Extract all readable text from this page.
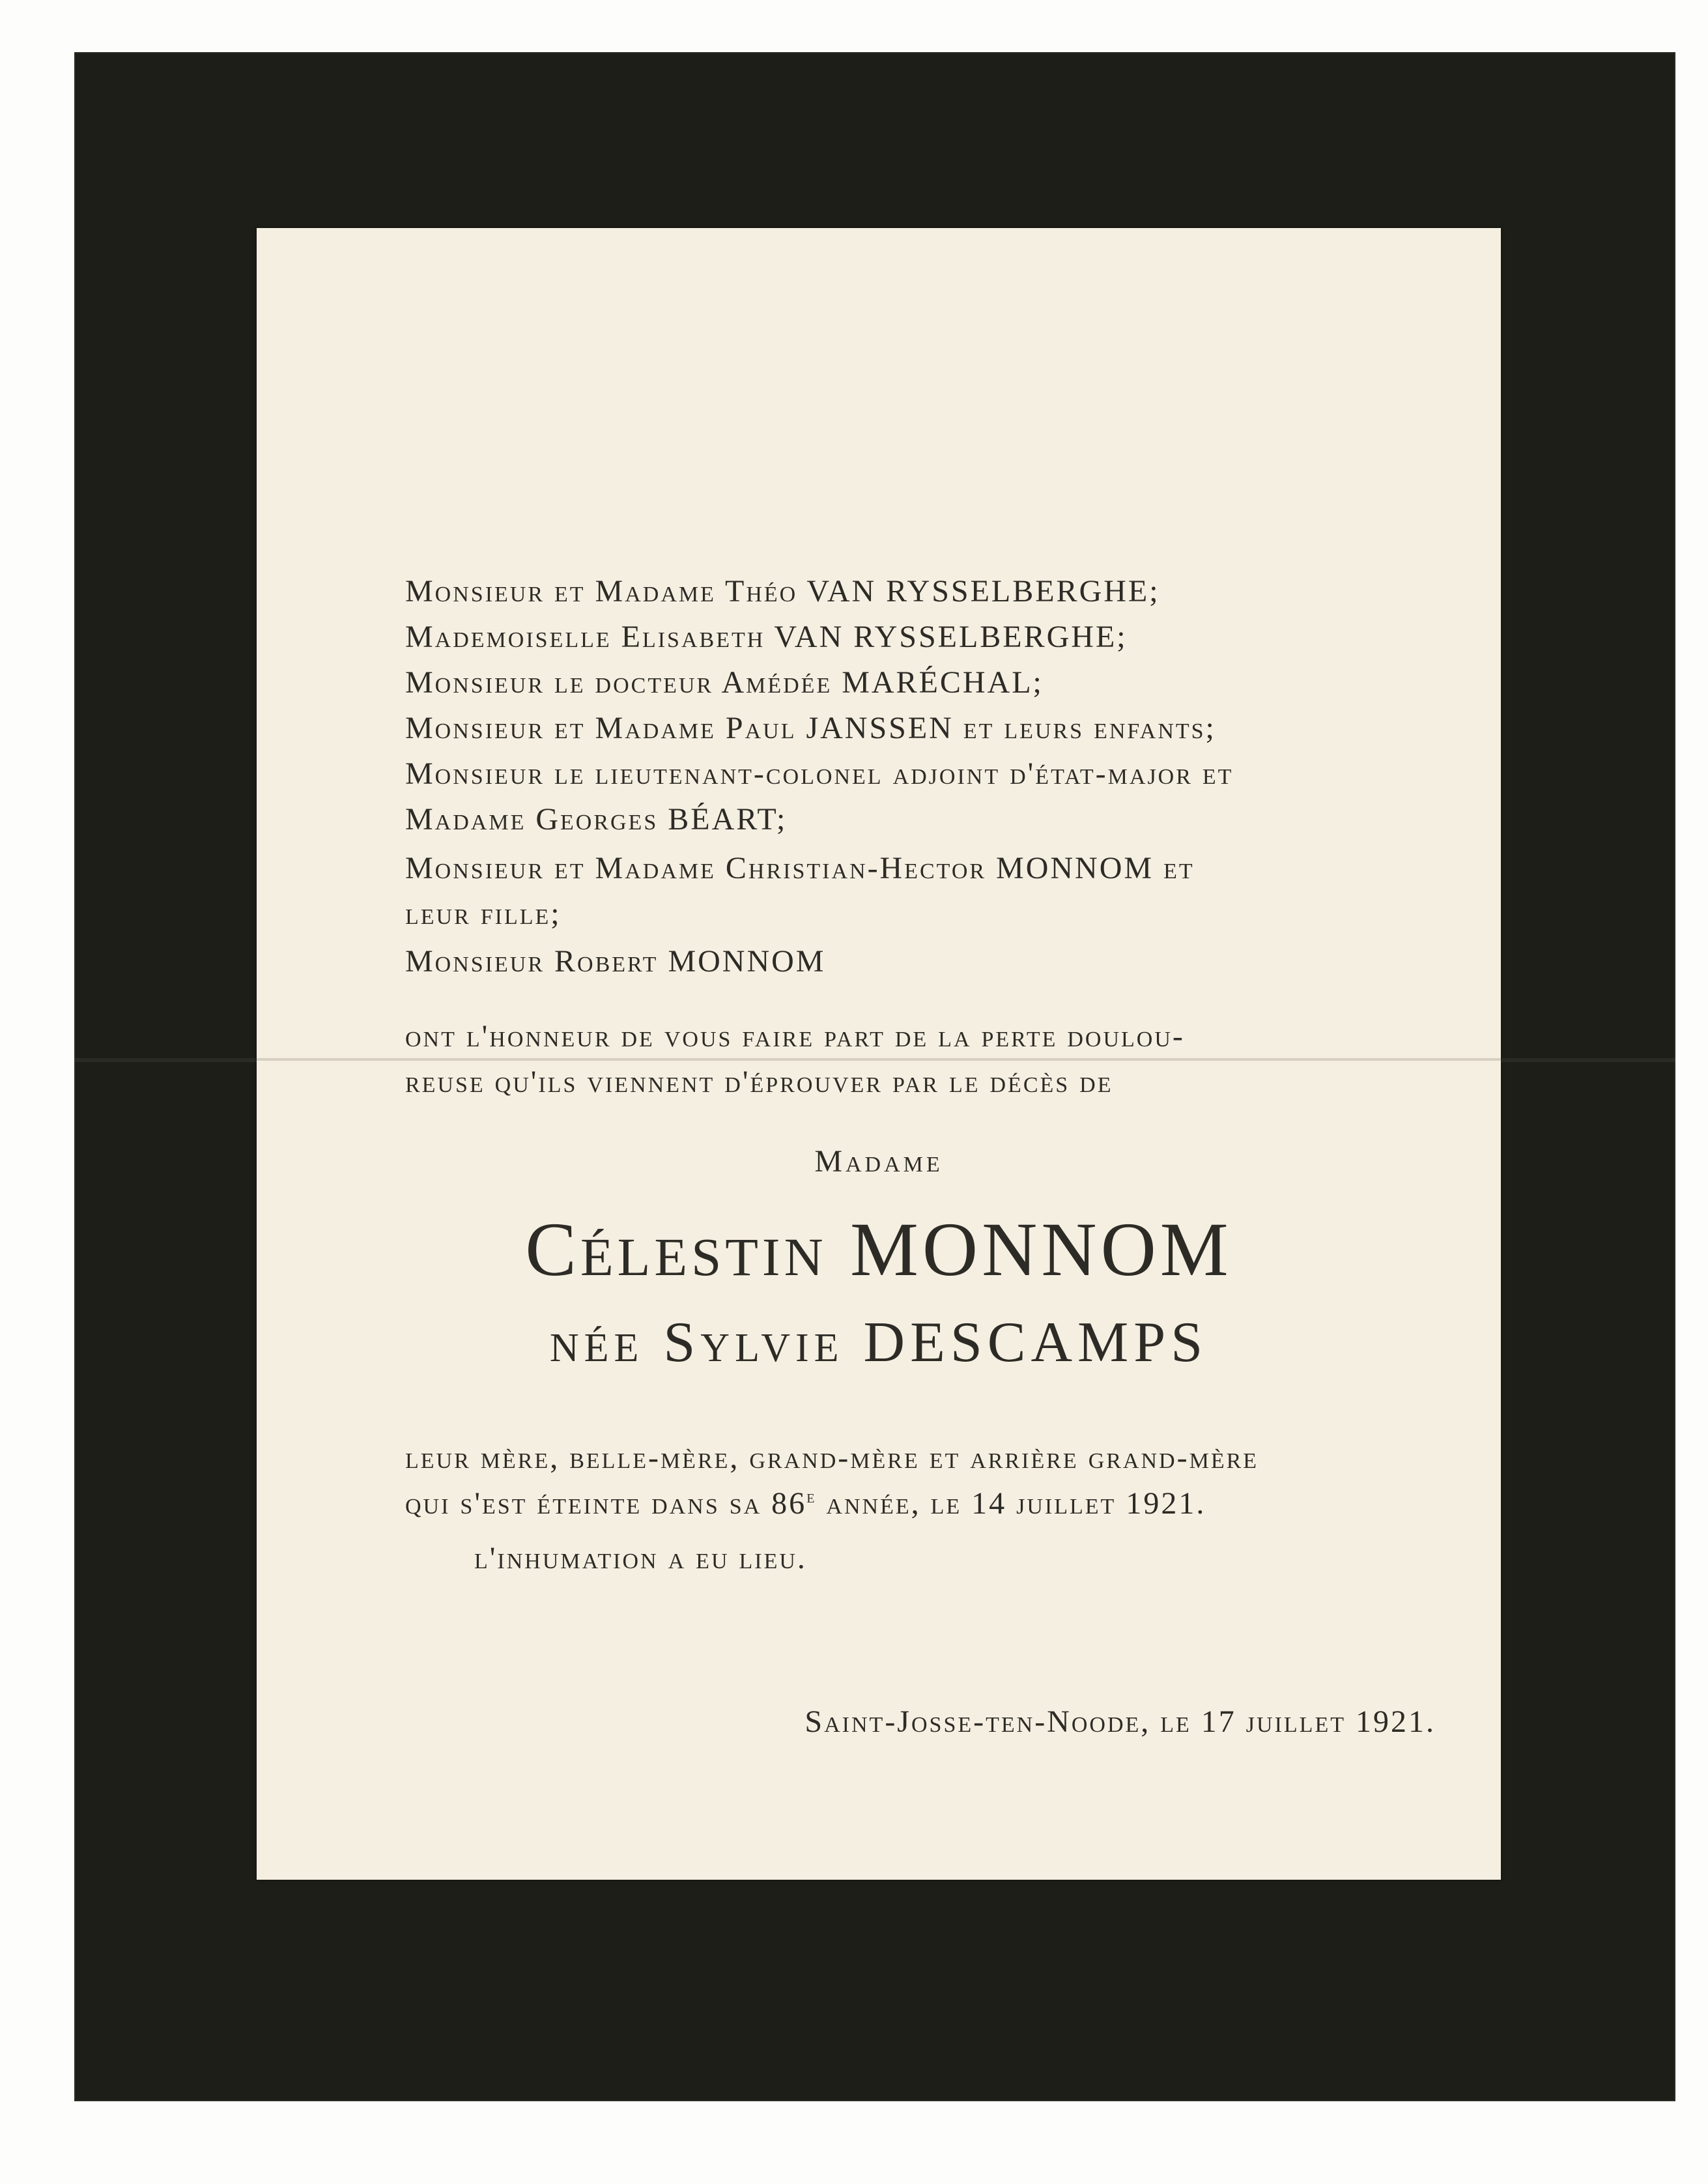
Monsieur et Madame Théo VAN RYSSELBERGHE;
Mademoiselle Elisabeth VAN RYSSELBERGHE;
Monsieur le docteur Amédée MARÉCHAL;
Monsieur et Madame Paul JANSSEN et leurs enfants;
Monsieur le lieutenant-colonel adjoint d'état-major et
Madame Georges BÉART;
Monsieur et Madame Christian-Hector MONNOM et
leur fille;
Monsieur Robert MONNOM
ont l'honneur de vous faire part de la perte doulou-
reuse qu'ils viennent d'éprouver par le décès de
Madame
Célestin MONNOM
née Sylvie DESCAMPS
leur mère, belle-mère, grand-mère et arrière grand-mère
qui s'est éteinte dans sa 86e année, le 14 juillet 1921.
l'inhumation a eu lieu.
Saint-Josse-ten-Noode, le 17 juillet 1921.
